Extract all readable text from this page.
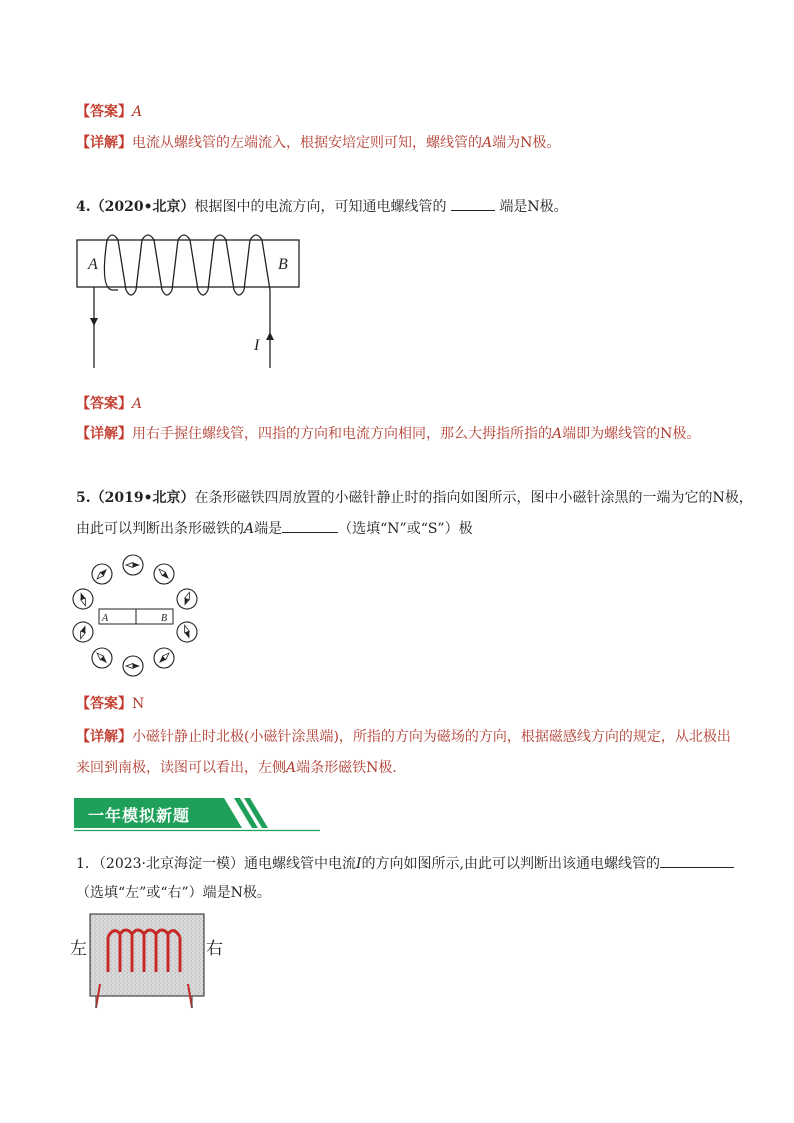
【答案】A
【详解】电流从螺线管的左端流入，根据安培定则可知，螺线管的A端为N极。
4.（2020•北京）根据图中的电流方向，可知通电螺线管的	端是N极。
A	B
I
【答案】A
【详解】用右手握住螺线管，四指的方向和电流方向相同，那么大拇指所指的A端即为螺线管的N极。
5.（2019•北京）在条形磁铁四周放置的小磁针静止时的指向如图所示，图中小磁针涂黑的一端为它的N极，
由此可以判断出条形磁铁的A端是	（选填“N”或“S”）极
A	B
【答案】N
【详解】小磁针静止时北极(小磁针涂黑端)，所指的方向为磁场的方向，根据磁感线方向的规定，从北极出
来回到南极，读图可以看出，左侧A端条形磁铁N极.
一年模拟新题
1．（2023·北京海淀一模）通电螺线管中电流I的方向如图所示,由此可以判断出该通电螺线管的
（选填“左”或“右”）端是N极。
左	右
